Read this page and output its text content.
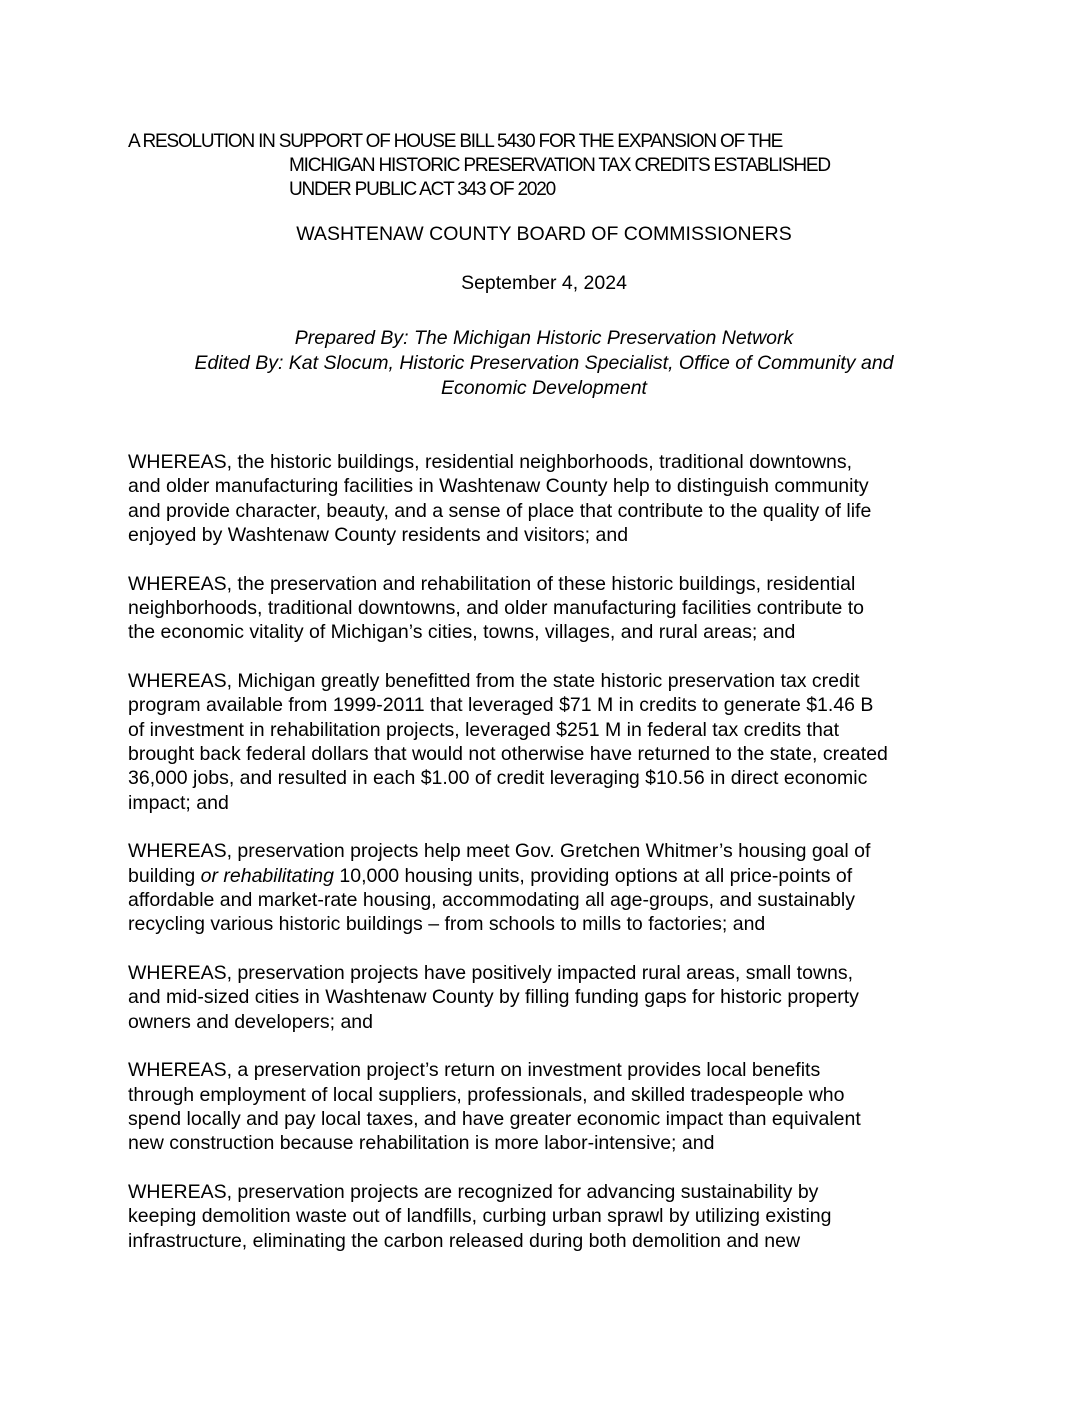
A RESOLUTION IN SUPPORT OF HOUSE BILL 5430 FOR THE EXPANSION OF THE
MICHIGAN HISTORIC PRESERVATION TAX CREDITS ESTABLISHED
UNDER PUBLIC ACT 343 OF 2020
WASHTENAW COUNTY BOARD OF COMMISSIONERS
September 4, 2024
Prepared By: The Michigan Historic Preservation Network
Edited By: Kat Slocum, Historic Preservation Specialist, Office of Community and
Economic Development

WHEREAS, the historic buildings, residential neighborhoods, traditional downtowns,
and older manufacturing facilities in Washtenaw County help to distinguish community
and provide character, beauty, and a sense of place that contribute to the quality of life
enjoyed by Washtenaw County residents and visitors; and

WHEREAS, the preservation and rehabilitation of these historic buildings, residential
neighborhoods, traditional downtowns, and older manufacturing facilities contribute to
the economic vitality of Michigan’s cities, towns, villages, and rural areas; and

WHEREAS, Michigan greatly benefitted from the state historic preservation tax credit
program available from 1999-2011 that leveraged $71 M in credits to generate $1.46 B
of investment in rehabilitation projects, leveraged $251 M in federal tax credits that
brought back federal dollars that would not otherwise have returned to the state, created
36,000 jobs, and resulted in each $1.00 of credit leveraging $10.56 in direct economic
impact; and

WHEREAS, preservation projects help meet Gov. Gretchen Whitmer’s housing goal of
building or rehabilitating 10,000 housing units, providing options at all price-points of
affordable and market-rate housing, accommodating all age-groups, and sustainably
recycling various historic buildings – from schools to mills to factories; and

WHEREAS, preservation projects have positively impacted rural areas, small towns,
and mid-sized cities in Washtenaw County by filling funding gaps for historic property
owners and developers; and

WHEREAS, a preservation project’s return on investment provides local benefits
through employment of local suppliers, professionals, and skilled tradespeople who
spend locally and pay local taxes, and have greater economic impact than equivalent
new construction because rehabilitation is more labor-intensive; and

WHEREAS, preservation projects are recognized for advancing sustainability by
keeping demolition waste out of landfills, curbing urban sprawl by utilizing existing
infrastructure, eliminating the carbon released during both demolition and new
